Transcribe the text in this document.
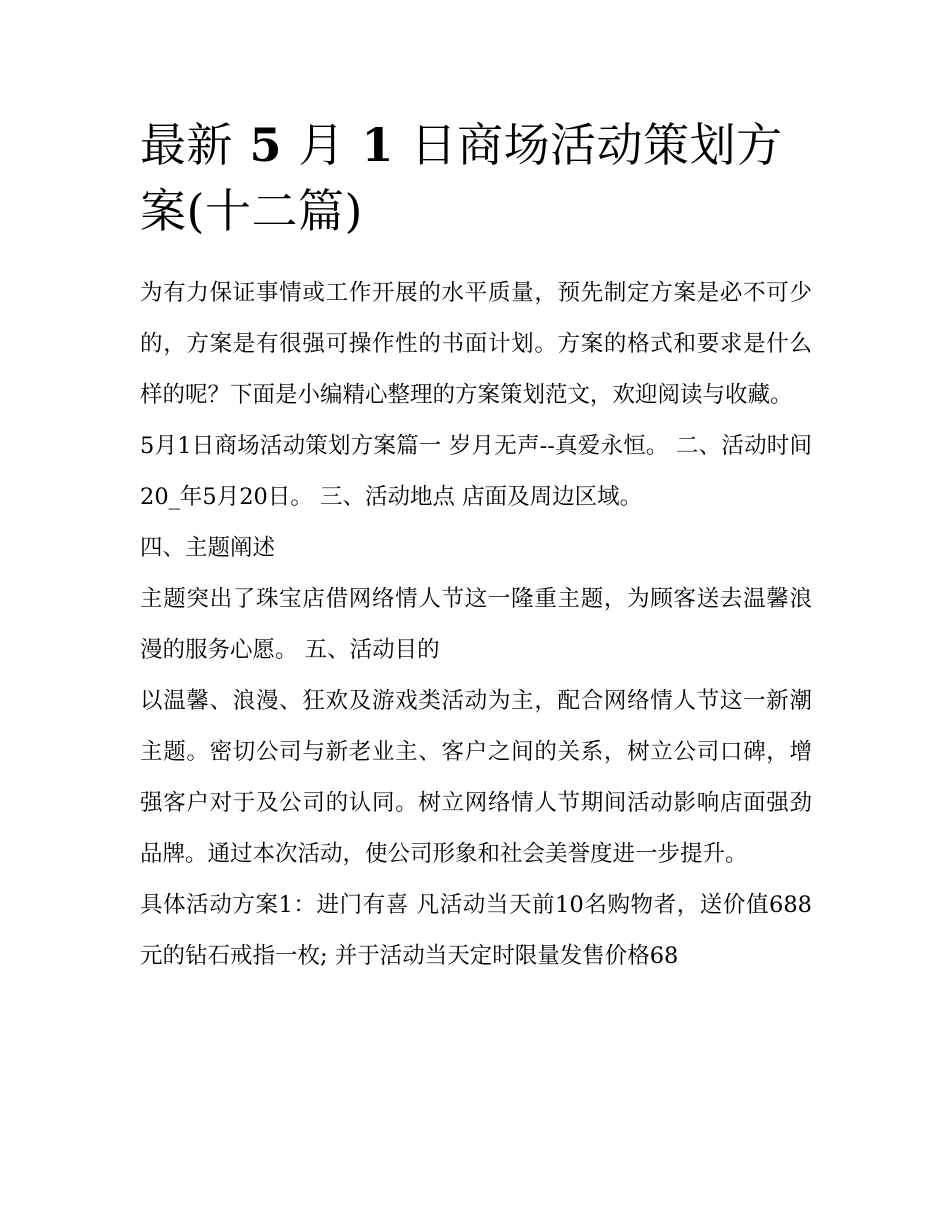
最新 5 月 1 日商场活动策划方案(十二篇)

为有力保证事情或工作开展的水平质量，预先制定方案是必不可少的，方案是有很强可操作性的书面计划。方案的格式和要求是什么样的呢？下面是小编精心整理的方案策划范文，欢迎阅读与收藏。

5月1日商场活动策划方案篇一 岁月无声--真爱永恒。 二、活动时间 20_年5月20日。 三、活动地点 店面及周边区域。

四、主题阐述

主题突出了珠宝店借网络情人节这一隆重主题，为顾客送去温馨浪漫的服务心愿。 五、活动目的

以温馨、浪漫、狂欢及游戏类活动为主，配合网络情人节这一新潮主题。密切公司与新老业主、客户之间的关系，树立公司口碑，增强客户对于及公司的认同。树立网络情人节期间活动影响店面强劲品牌。通过本次活动，使公司形象和社会美誉度进一步提升。

具体活动方案1：进门有喜 凡活动当天前10名购物者，送价值688元的钻石戒指一枚; 并于活动当天定时限量发售价格68
